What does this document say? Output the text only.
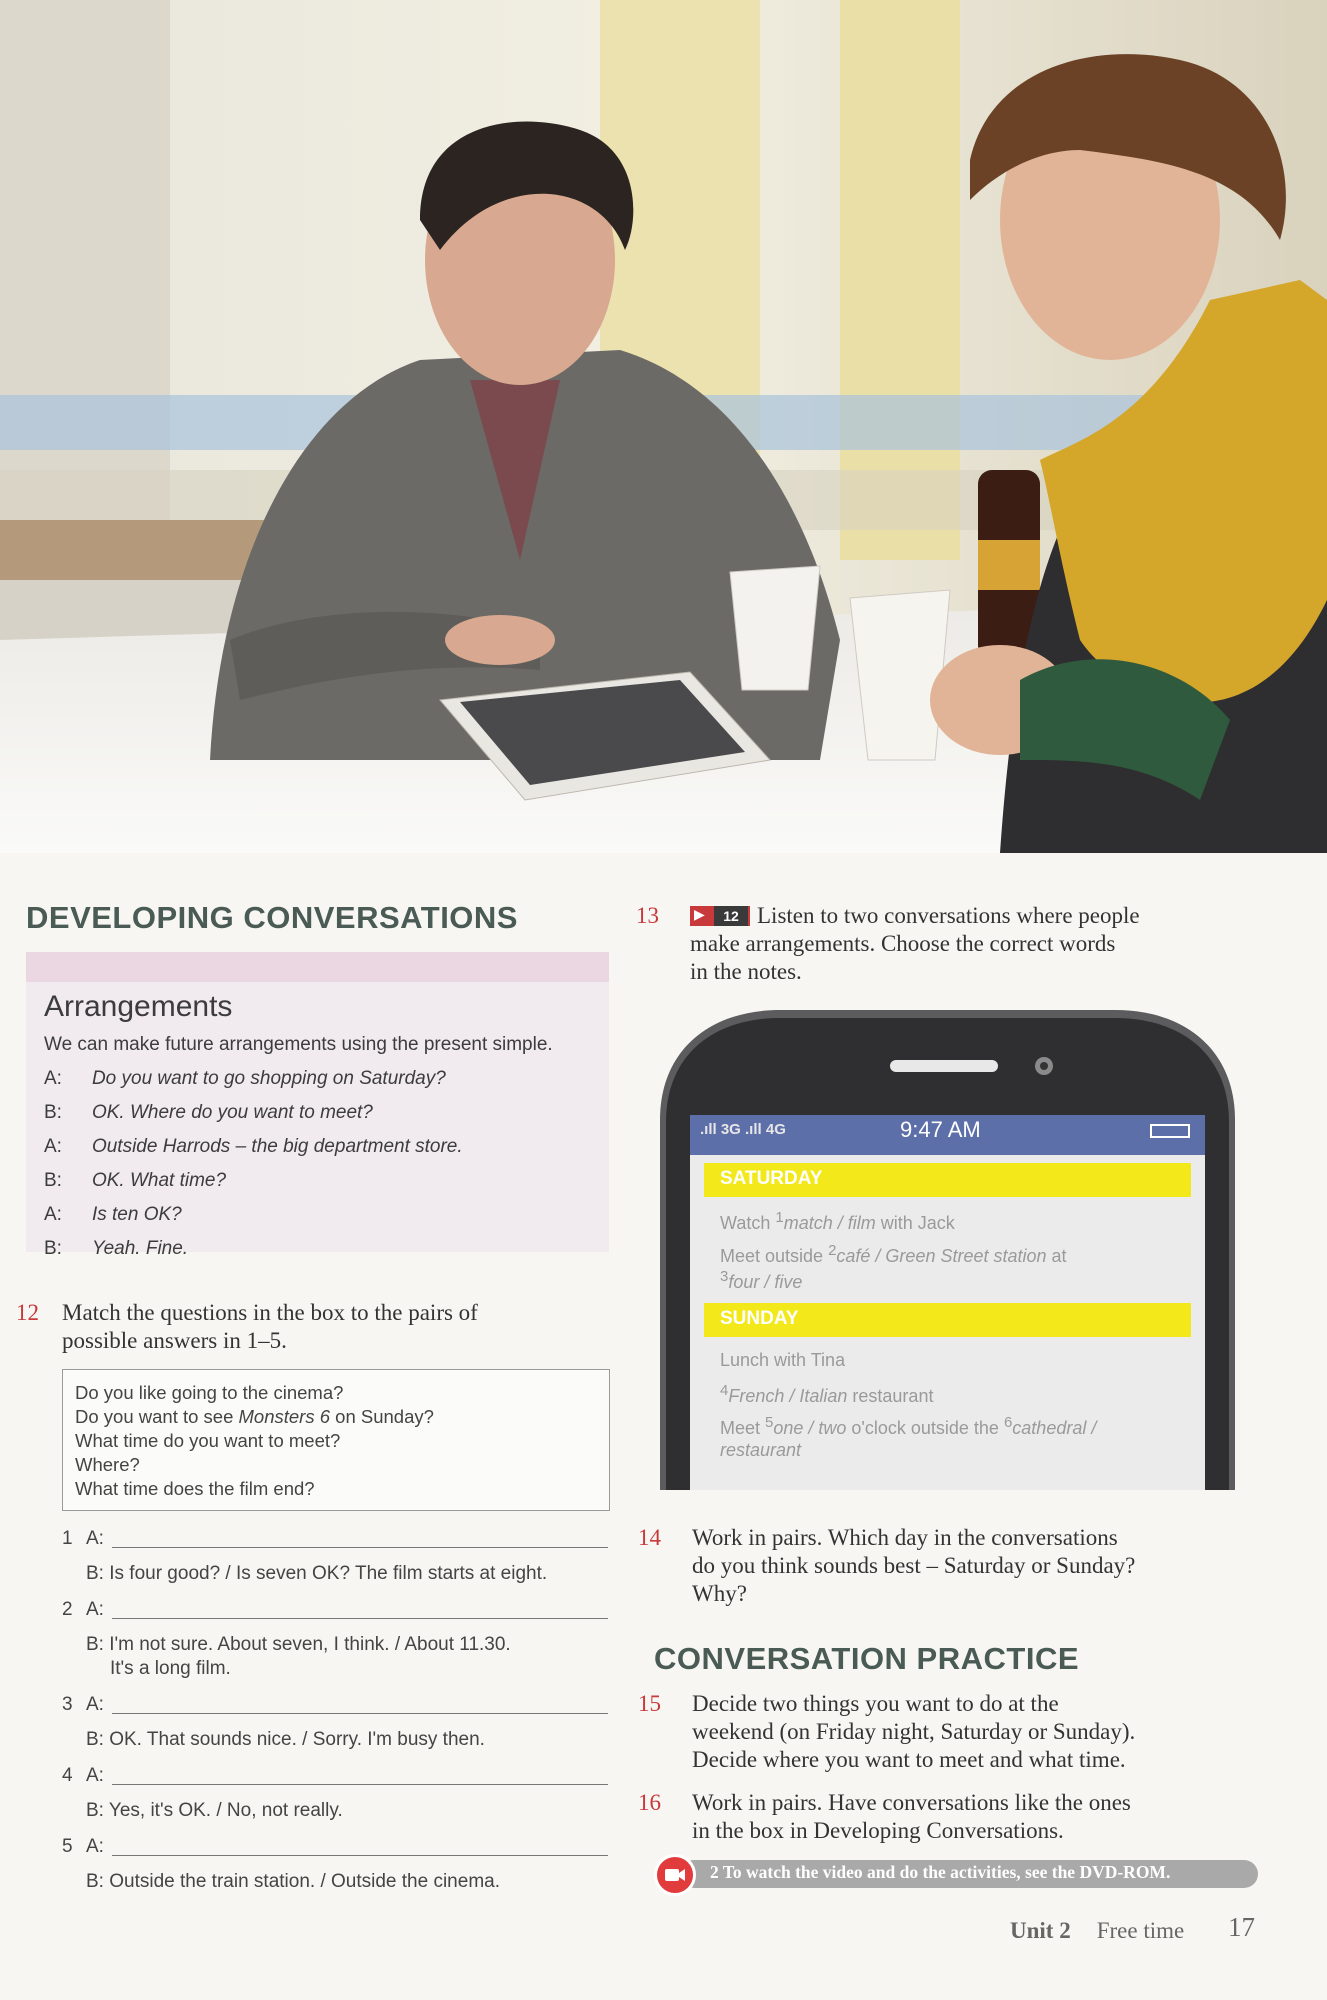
DEVELOPING CONVERSATIONS
Arrangements
We can make future arrangements using the present simple.
A: Do you want to go shopping on Saturday?
B: OK. Where do you want to meet?
A: Outside Harrods – the big department store.
B: OK. What time?
A: Is ten OK?
B: Yeah. Fine.
12 Match the questions in the box to the pairs of
possible answers in 1–5.
Do you like going to the cinema?
Do you want to see Monsters 6 on Sunday?
What time do you want to meet?
Where?
What time does the film end?
1 A:
B: Is four good? / Is seven OK? The film starts at eight.
2 A:
B: I'm not sure. About seven, I think. / About 11.30.
It's a long film.
3 A:
B: OK. That sounds nice. / Sorry. I'm busy then.
4 A:
B: Yes, it's OK. / No, not really.
5 A:
B: Outside the train station. / Outside the cinema.
13	▶	12 Listen to two conversations where people
make arrangements. Choose the correct words
in the notes.
.ıll 3G .ıll 4G	9:47 AM
SATURDAY
Watch $^1$match / film with Jack
Meet outside $^2$café / Green Street station at
$^3$four / five
SUNDAY
Lunch with Tina
$^4$French / Italian restaurant
Meet $^5$one / two o'clock outside the $^6$cathedral /
restaurant
14 Work in pairs. Which day in the conversations
do you think sounds best – Saturday or Sunday?
Why?
CONVERSATION PRACTICE
15 Decide two things you want to do at the
weekend (on Friday night, Saturday or Sunday).
Decide where you want to meet and what time.
16 Work in pairs. Have conversations like the ones
in the box in Developing Conversations.
2 To watch the video and do the activities, see the DVD-ROM.
Unit 2 Free time 17
